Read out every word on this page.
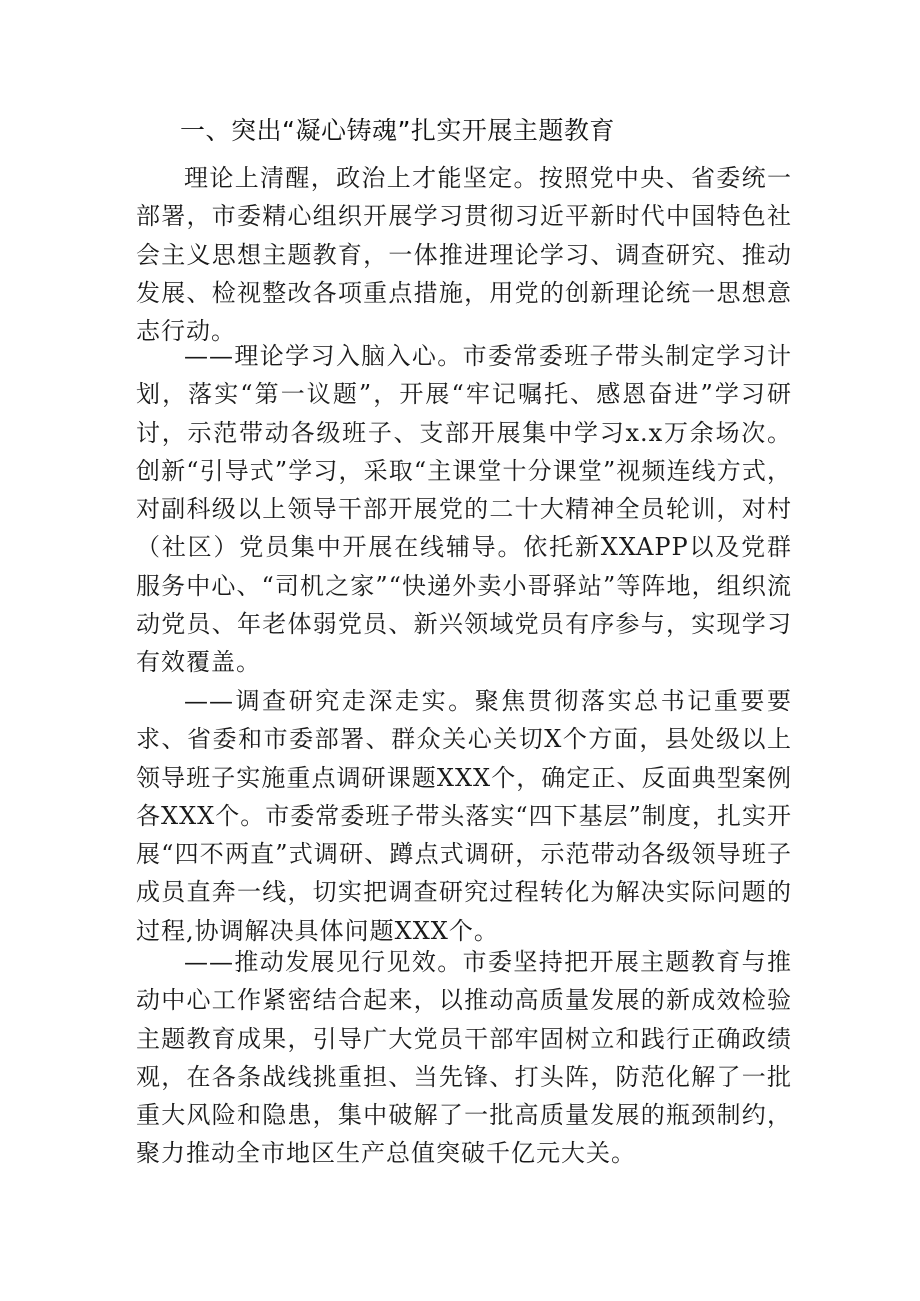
一、突出“凝心铸魂”扎实开展主题教育

理论上清醒，政治上才能坚定。按照党中央、省委统一部署，市委精心组织开展学习贯彻习近平新时代中国特色社会主义思想主题教育，一体推进理论学习、调查研究、推动发展、检视整改各项重点措施，用党的创新理论统一思想意志行动。

——理论学习入脑入心。市委常委班子带头制定学习计划，落实“第一议题”，开展“牢记嘱托、感恩奋进”学习研讨，示范带动各级班子、支部开展集中学习x.x万余场次。创新“引导式”学习，采取“主课堂十分课堂”视频连线方式，对副科级以上领导干部开展党的二十大精神全员轮训，对村（社区）党员集中开展在线辅导。依托新XXAPP以及党群服务中心、“司机之家”“快递外卖小哥驿站”等阵地，组织流动党员、年老体弱党员、新兴领域党员有序参与，实现学习有效覆盖。

——调查研究走深走实。聚焦贯彻落实总书记重要要求、省委和市委部署、群众关心关切X个方面，县处级以上领导班子实施重点调研课题XXX个，确定正、反面典型案例各XXX个。市委常委班子带头落实“四下基层”制度，扎实开展“四不两直”式调研、蹲点式调研，示范带动各级领导班子成员直奔一线，切实把调查研究过程转化为解决实际问题的过程,协调解决具体问题XXX个。

——推动发展见行见效。市委坚持把开展主题教育与推动中心工作紧密结合起来，以推动高质量发展的新成效检验主题教育成果，引导广大党员干部牢固树立和践行正确政绩观，在各条战线挑重担、当先锋、打头阵，防范化解了一批重大风险和隐患，集中破解了一批高质量发展的瓶颈制约，聚力推动全市地区生产总值突破千亿元大关。
